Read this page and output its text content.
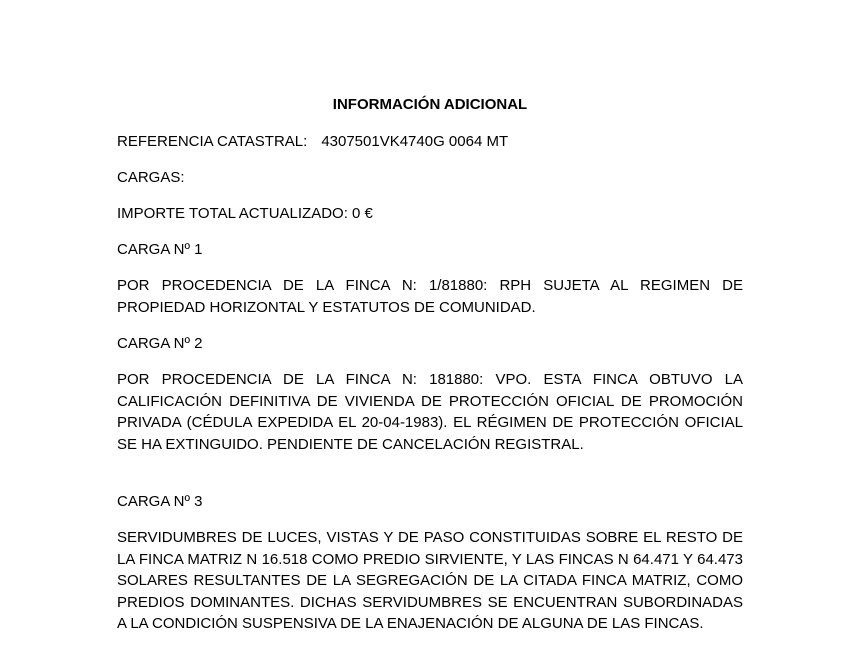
INFORMACIÓN ADICIONAL

REFERENCIA CATASTRAL: 4307501VK4740G 0064 MT

CARGAS:

IMPORTE TOTAL ACTUALIZADO: 0 €

CARGA Nº 1

POR PROCEDENCIA DE LA FINCA N: 1/81880: RPH SUJETA AL REGIMEN DE PROPIEDAD HORIZONTAL Y ESTATUTOS DE COMUNIDAD.

CARGA Nº 2

POR PROCEDENCIA DE LA FINCA N: 181880: VPO. ESTA FINCA OBTUVO LA CALIFICACIÓN DEFINITIVA DE VIVIENDA DE PROTECCIÓN OFICIAL DE PROMOCIÓN PRIVADA (CÉDULA EXPEDIDA EL 20-04-1983). EL RÉGIMEN DE PROTECCIÓN OFICIAL SE HA EXTINGUIDO. PENDIENTE DE CANCELACIÓN REGISTRAL.

CARGA Nº 3

SERVIDUMBRES DE LUCES, VISTAS Y DE PASO CONSTITUIDAS SOBRE EL RESTO DE LA FINCA MATRIZ N 16.518 COMO PREDIO SIRVIENTE, Y LAS FINCAS N 64.471 Y 64.473 SOLARES RESULTANTES DE LA SEGREGACIÓN DE LA CITADA FINCA MATRIZ, COMO PREDIOS DOMINANTES. DICHAS SERVIDUMBRES SE ENCUENTRAN SUBORDINADAS A LA CONDICIÓN SUSPENSIVA DE LA ENAJENACIÓN DE ALGUNA DE LAS FINCAS.
